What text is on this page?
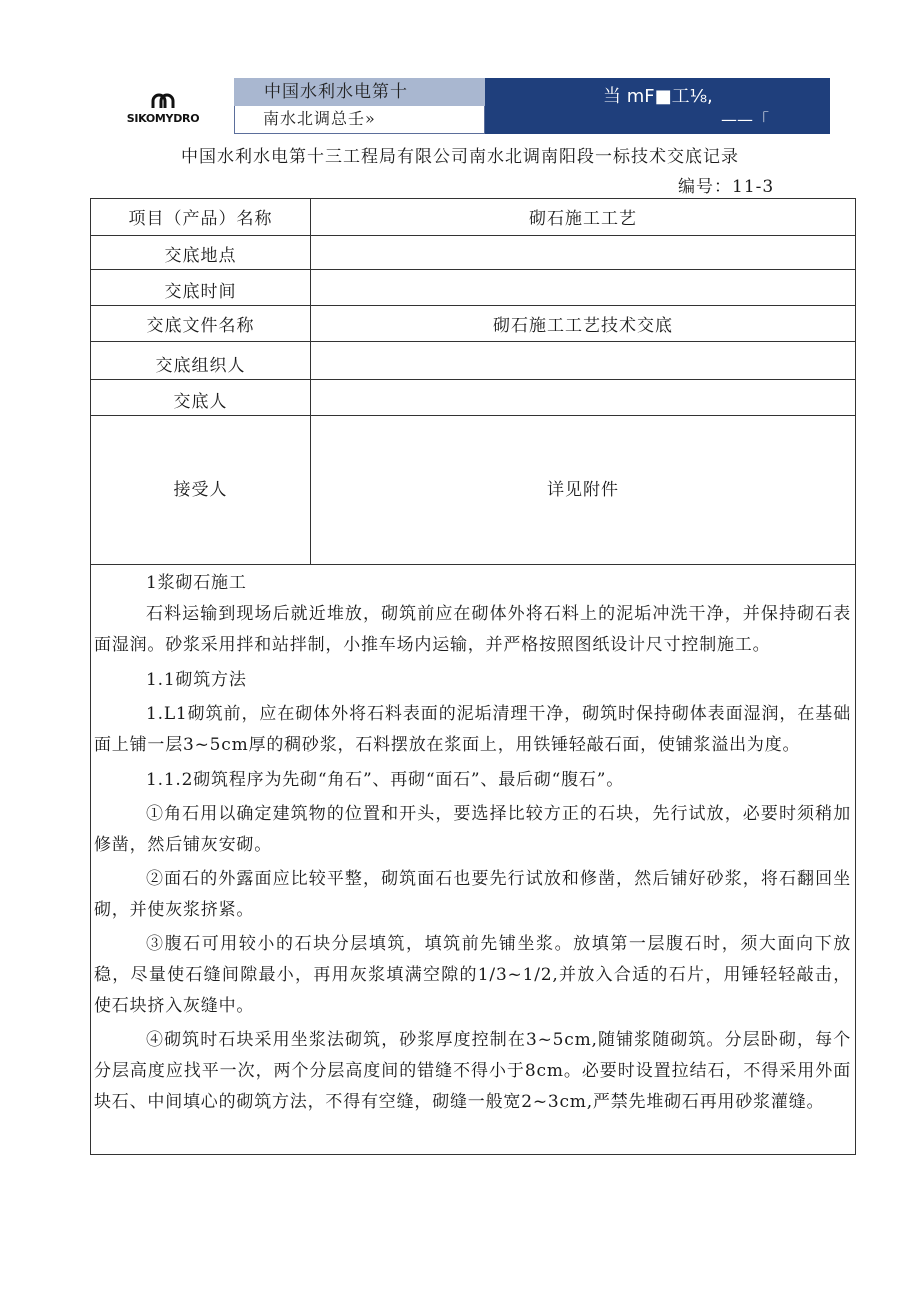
SIKOMYDRO
中国水利水电第十
南水北调总壬»
当 mF■工⅛,
——「
中国水利水电第十三工程局有限公司南水北调南阳段一标技术交底记录
编号：11-3
项目（产品）名称	砌石施工工艺
交底地点
交底时间
交底文件名称	砌石施工工艺技术交底
交底组织人
交底人
接受人	详见附件

1浆砌石施工

石料运输到现场后就近堆放，砌筑前应在砌体外将石料上的泥垢冲洗干净，并保持砌石表面湿润。砂浆采用拌和站拌制，小推车场内运输，并严格按照图纸设计尺寸控制施工。

1.1砌筑方法

1.L1砌筑前，应在砌体外将石料表面的泥垢清理干净，砌筑时保持砌体表面湿润，在基础面上铺一层3~5cm厚的稠砂浆，石料摆放在浆面上，用铁锤轻敲石面，使铺浆溢出为度。

1.1.2砌筑程序为先砌“角石”、再砌“面石”、最后砌“腹石”。

①角石用以确定建筑物的位置和开头，要选择比较方正的石块，先行试放，必要时须稍加修凿，然后铺灰安砌。

②面石的外露面应比较平整，砌筑面石也要先行试放和修凿，然后铺好砂浆，将石翻回坐砌，并使灰浆挤紧。

③腹石可用较小的石块分层填筑，填筑前先铺坐浆。放填第一层腹石时，须大面向下放稳，尽量使石缝间隙最小，再用灰浆填满空隙的1/3~1/2,并放入合适的石片，用锤轻轻敲击，使石块挤入灰缝中。

④砌筑时石块采用坐浆法砌筑，砂浆厚度控制在3~5cm,随铺浆随砌筑。分层卧砌，每个分层高度应找平一次，两个分层高度间的错缝不得小于8cm。必要时设置拉结石，不得采用外面块石、中间填心的砌筑方法，不得有空缝，砌缝一般宽2~3cm,严禁先堆砌石再用砂浆灌缝。
